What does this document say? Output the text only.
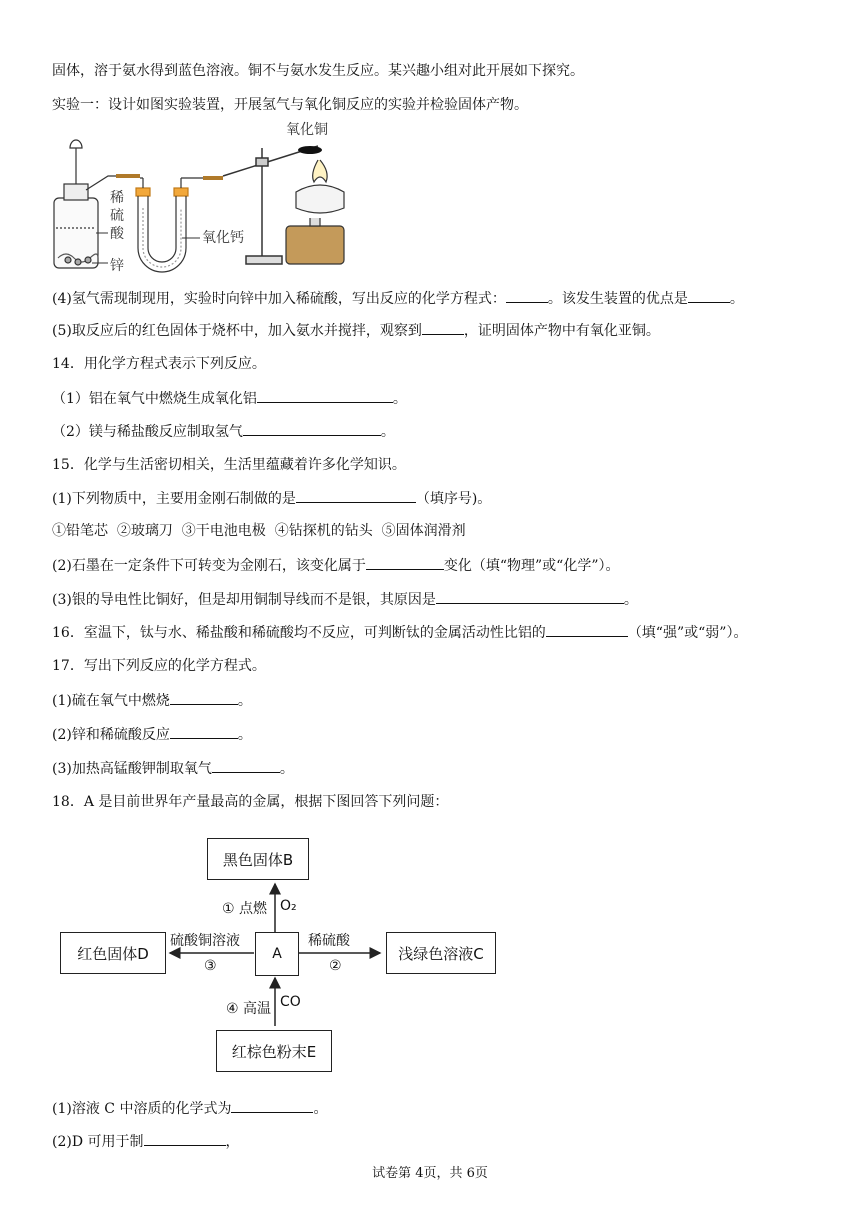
固体，溶于氨水得到蓝色溶液。铜不与氨水发生反应。某兴趣小组对此开展如下探究。
实验一：设计如图实验装置，开展氢气与氧化铜反应的实验并检验固体产物。
氧化铜
稀
硫
酸	氧化钙
锌
(4)氢气需现制现用，实验时向锌中加入稀硫酸，写出反应的化学方程式：	。该发生装置的优点是	。
(5)取反应后的红色固体于烧杯中，加入氨水并搅拌，观察到	，证明固体产物中有氧化亚铜。
14．用化学方程式表示下列反应。
（1）铝在氧气中燃烧生成氧化铝	。
（2）镁与稀盐酸反应制取氢气	。
15．化学与生活密切相关，生活里蕴藏着许多化学知识。
(1)下列物质中，主要用金刚石制做的是	（填序号)。
①铅笔芯  ②玻璃刀  ③干电池电极  ④钻探机的钻头  ⑤固体润滑剂
(2)石墨在一定条件下可转变为金刚石，该变化属于	变化（填“物理”或“化学”）。
(3)银的导电性比铜好，但是却用铜制导线而不是银，其原因是	。
16．室温下，钛与水、稀盐酸和稀硫酸均不反应，可判断钛的金属活动性比铝的	（填“强”或“弱”）。
17．写出下列反应的化学方程式。
(1)硫在氧气中燃烧	。
(2)锌和稀硫酸反应	。
(3)加热高锰酸钾制取氧气	。
18．A 是目前世界年产量最高的金属，根据下图回答下列问题：
黑色固体B
A	浅绿色溶液C
红色固体D
红棕色粉末E
① 点燃 O₂
稀硫酸
②
硫酸铜溶液
③
④ 高温 CO
(1)溶液 C 中溶质的化学式为	。
(2)D 可用于制	，
试卷第 4页，共 6页
